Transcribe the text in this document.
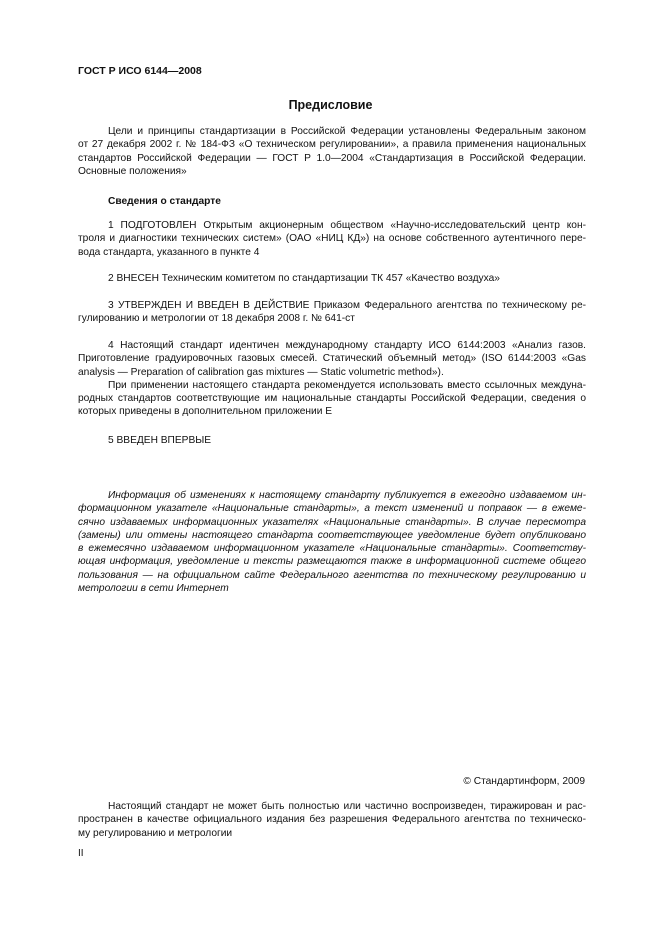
ГОСТ Р ИСО 6144—2008
Предисловие
Цели и принципы стандартизации в Российской Федерации установлены Федеральным законом
от 27 декабря 2002 г. № 184-ФЗ «О техническом регулировании», а правила применения национальных
стандартов Российской Федерации — ГОСТ Р 1.0—2004 «Стандартизация в Российской Федерации.
Основные положения»
Сведения о стандарте
1 ПОДГОТОВЛЕН Открытым акционерным обществом «Научно-исследовательский центр кон-
троля и диагностики технических систем» (ОАО «НИЦ КД») на основе собственного аутентичного пере-
вода стандарта, указанного в пункте 4
2 ВНЕСЕН Техническим комитетом по стандартизации ТК 457 «Качество воздуха»
3 УТВЕРЖДЕН И ВВЕДЕН В ДЕЙСТВИЕ Приказом Федерального агентства по техническому ре-
гулированию и метрологии от 18 декабря 2008 г. № 641-ст
4 Настоящий стандарт идентичен международному стандарту ИСО 6144:2003 «Анализ газов.
Приготовление градуировочных газовых смесей. Статический объемный метод» (ISO 6144:2003 «Gas
analysis — Preparation of calibration gas mixtures — Static volumetric method»).
При применении настоящего стандарта рекомендуется использовать вместо ссылочных междуна-
родных стандартов соответствующие им национальные стандарты Российской Федерации, сведения о
которых приведены в дополнительном приложении Е
5 ВВЕДЕН ВПЕРВЫЕ
Информация об изменениях к настоящему стандарту публикуется в ежегодно издаваемом ин-
формационном указателе «Национальные стандарты», а текст изменений и поправок — в ежеме-
сячно издаваемых информационных указателях «Национальные стандарты». В случае пересмотра
(замены) или отмены настоящего стандарта соответствующее уведомление будет опубликовано
в ежемесячно издаваемом информационном указателе «Национальные стандарты». Соответству-
ющая информация, уведомление и тексты размещаются также в информационной системе общего
пользования — на официальном сайте Федерального агентства по техническому регулированию и
метрологии в сети Интернет
© Стандартинформ, 2009
Настоящий стандарт не может быть полностью или частично воспроизведен, тиражирован и рас-
пространен в качестве официального издания без разрешения Федерального агентства по техническо-
му регулированию и метрологии
II
